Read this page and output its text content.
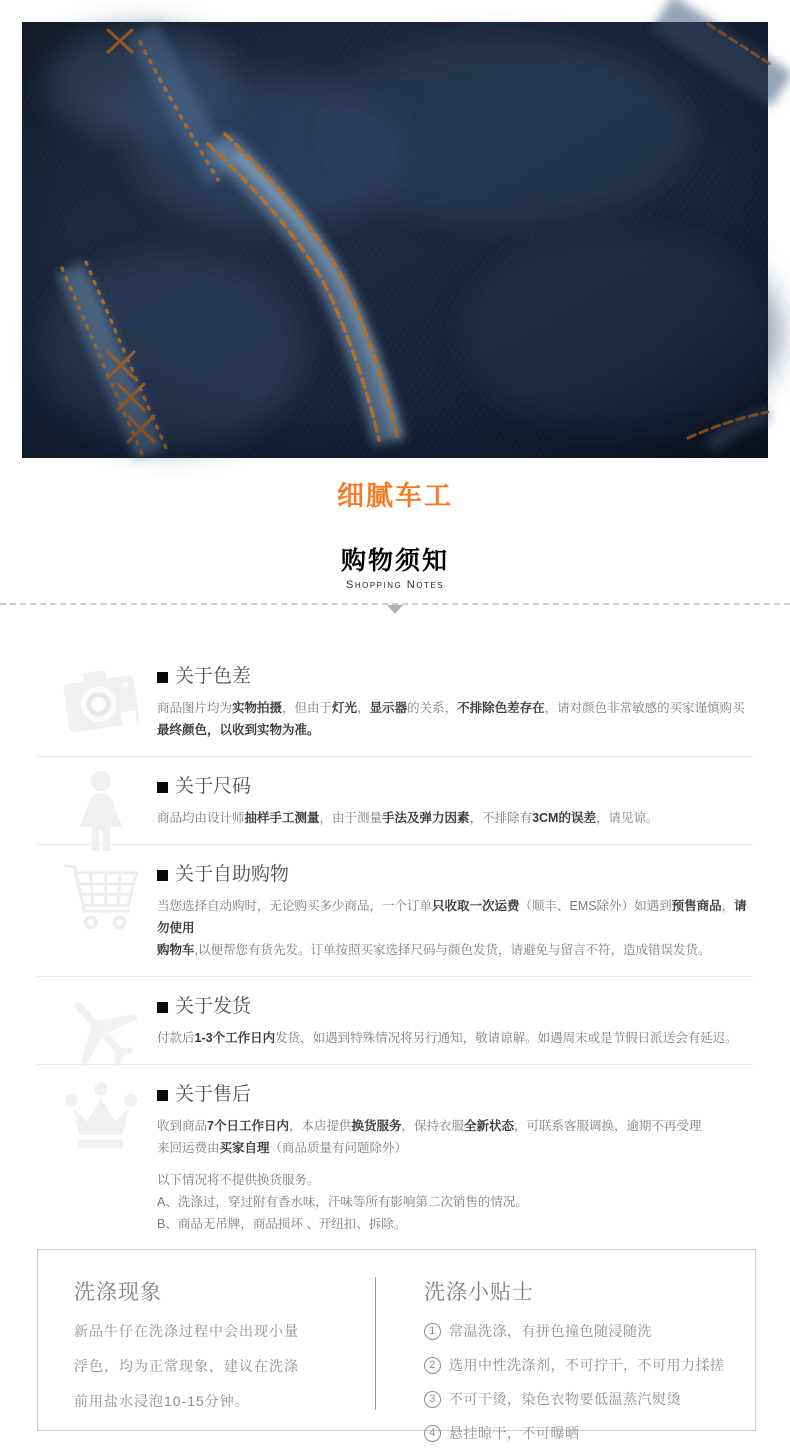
细腻车工
购物须知
Shopping Notes
关于色差
商品图片均为实物拍摄，但由于灯光，显示器的关系，不排除色差存在，请对颜色非常敏感的买家谨慎购买
最终颜色，以收到实物为准。
关于尺码
商品均由设计师抽样手工测量，由于测量手法及弹力因素，不排除有3CM的误差，请见谅。
关于自助购物
当您选择自动购时，无论购买多少商品，一个订单只收取一次运费（顺丰、EMS除外）如遇到预售商品，请勿使用
购物车,以便帮您有货先发。订单按照买家选择尺码与颜色发货，请避免与留言不符，造成错误发货。
关于发货
付款后1-3个工作日内发货，如遇到特殊情况将另行通知，敬请谅解。如遇周末或是节假日派送会有延迟。
关于售后
收到商品7个日工作日内，本店提供换货服务，保持衣服全新状态，可联系客服调换，逾期不再受理
来回运费由买家自理（商品质量有问题除外）
以下情况将不提供换货服务。
A、洗涤过，穿过附有香水味，汗味等所有影响第二次销售的情况。
B、商品无吊牌，商品损坏 、开纽扣、拆除。
洗涤现象
新品牛仔在洗涤过程中会出现小量
浮色，均为正常现象，建议在洗涤
前用盐水浸泡10-15分钟。
洗涤小贴士
1 常温洗涤，有拼色撞色随浸随洗
2 选用中性洗涤剂，不可拧干，不可用力揉搓
3 不可干烫，染色衣物要低温蒸汽熨烫
4 悬挂晾干，不可曝晒
